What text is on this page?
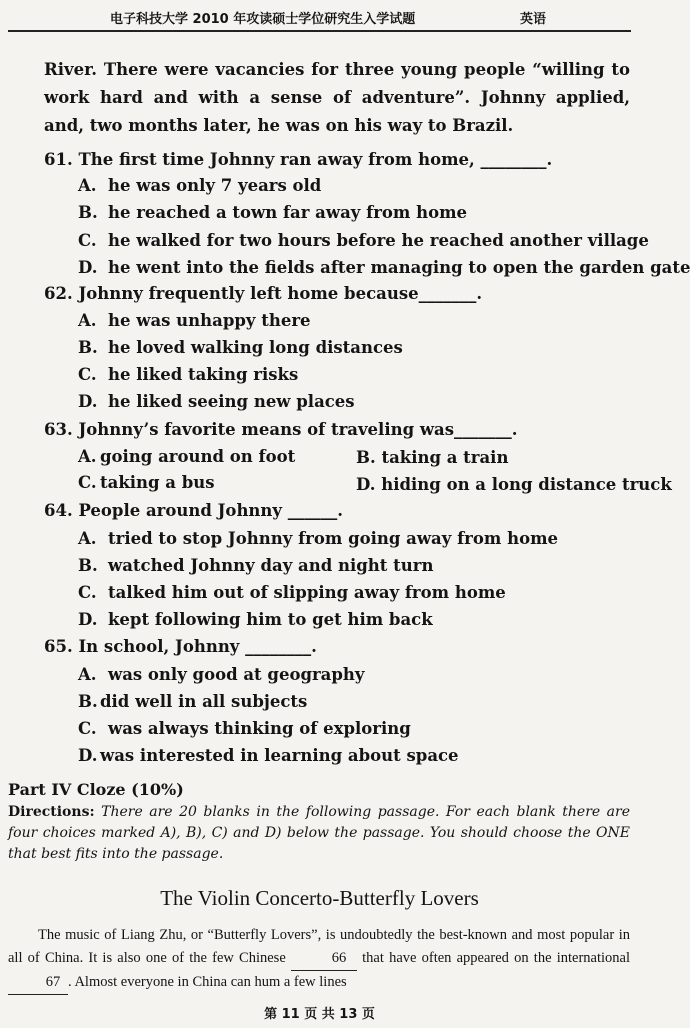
电子科技大学 2010 年攻读硕士学位研究生入学试题	英语
River. There were vacancies for three young people “willing to work hard and with a sense of adventure”. Johnny applied, and, two months later, he was on his way to Brazil.
61. The first time Johnny ran away from home, ________.
A. he was only 7 years old
B. he reached a town far away from home
C. he walked for two hours before he reached another village
D. he went into the fields after managing to open the garden gate
62. Johnny frequently left home because_______.
A. he was unhappy there
B. he loved walking long distances
C. he liked taking risks
D. he liked seeing new places
63. Johnny’s favorite means of traveling was_______.
A. going around on foot	B. taking a train
C. taking a bus	D. hiding on a long distance truck
64. People around Johnny ______.
A. tried to stop Johnny from going away from home
B. watched Johnny day and night turn
C. talked him out of slipping away from home
D. kept following him to get him back
65. In school, Johnny ________.
A. was only good at geography
B. did well in all subjects
C. was always thinking of exploring
D. was interested in learning about space
Part IV Cloze (10%)
Directions: There are 20 blanks in the following passage. For each blank there are four choices marked A), B), C) and D) below the passage. You should choose the ONE that best fits into the passage.
The Violin Concerto-Butterfly Lovers
The music of Liang Zhu, or “Butterfly Lovers”, is undoubtedly the best-known and most popular in all of China. It is also one of the few Chinese	66 that have often appeared on the international 67 . Almost everyone in China can hum a few lines
第 11 页 共 13 页
